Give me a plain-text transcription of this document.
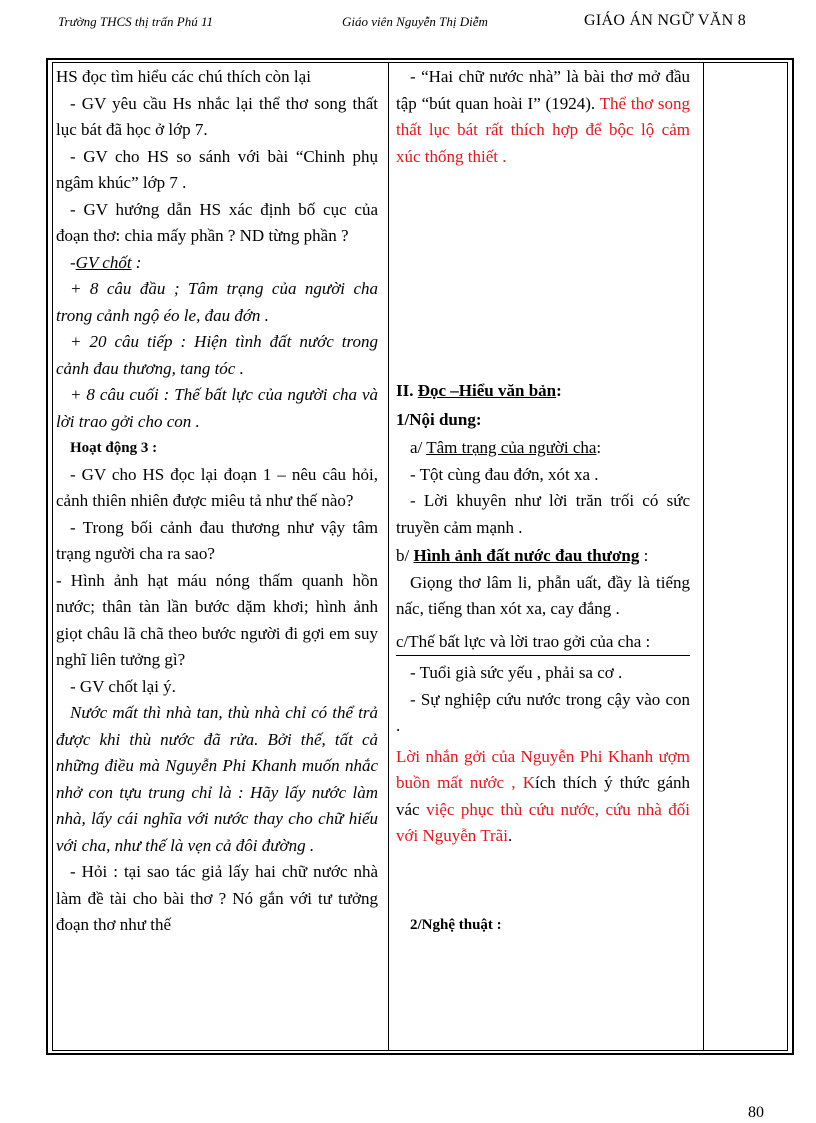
Trường THCS thị trấn Phú 11	Giáo viên Nguyễn Thị Diễm	GIÁO ÁN NGỮ VĂN 8

HS đọc tìm hiểu các chú thích còn lại

- GV yêu cầu Hs nhắc lại thể thơ song thất lục bát đã học ở lớp 7.

- GV cho HS so sánh với bài “Chinh phụ ngâm khúc” lớp 7 .

- GV hướng dẫn HS xác định bố cục của đoạn thơ: chia mấy phần ? ND từng phần ?

-GV chốt :

+ 8 câu đầu ; Tâm trạng của người cha trong cảnh ngộ éo le, đau đớn .

+ 20 câu tiếp : Hiện tình đất nước trong cảnh đau thương, tang tóc .

+ 8 câu cuối : Thế bất lực của người cha và lời trao gởi cho con .

Hoạt động 3 :

- GV cho HS đọc lại đoạn 1 – nêu câu hỏi, cảnh thiên nhiên được miêu tả như thế nào?

- Trong bối cảnh đau thương như vậy tâm trạng người cha ra sao?

- Hình ảnh hạt máu nóng thấm quanh hồn nước; thân tàn lần bước dặm khơi; hình ảnh giọt châu lã chã theo bước người đi gợi em suy nghĩ liên tưởng gì?

- GV chốt lại ý.

Nước mất thì nhà tan, thù nhà chỉ có thể trả được khi thù nước đã rửa. Bởi thế, tất cả những điều mà Nguyễn Phi Khanh muốn nhắc nhở con tựu trung chỉ là : Hãy lấy nước làm nhà, lấy cái nghĩa với nước thay cho chữ hiếu với cha, như thế là vẹn cả đôi đường .

- Hỏi : tại sao tác giả lấy hai chữ nước nhà làm đề tài cho bài thơ ? Nó gắn với tư tưởng đoạn thơ như thế

- “Hai chữ nước nhà” là bài thơ mở đầu tập “bút quan hoài I” (1924). Thể thơ song thất lục bát rất thích hợp để bộc lộ cảm xúc thống thiết .

II. Đọc –Hiểu văn bản:

1/Nội dung:

a/ Tâm trạng của người cha:

- Tột cùng đau đớn, xót xa .

- Lời khuyên như lời trăn trối có sức truyền cảm mạnh .

b/ Hình ảnh đất nước đau thương :

Giọng thơ lâm li, phẫn uất, đầy là tiếng nấc, tiếng than xót xa, cay đắng .

c/Thế bất lực và lời trao gởi của cha :

- Tuổi già sức yếu , phải sa cơ .

- Sự nghiệp cứu nước trong cậy vào con .

Lời nhắn gởi của Nguyễn Phi Khanh ượm buồn mất nước , Kích thích ý thức gánh vác việc phục thù cứu nước, cứu nhà đối với Nguyễn Trãi.

2/Nghệ thuật :

80
